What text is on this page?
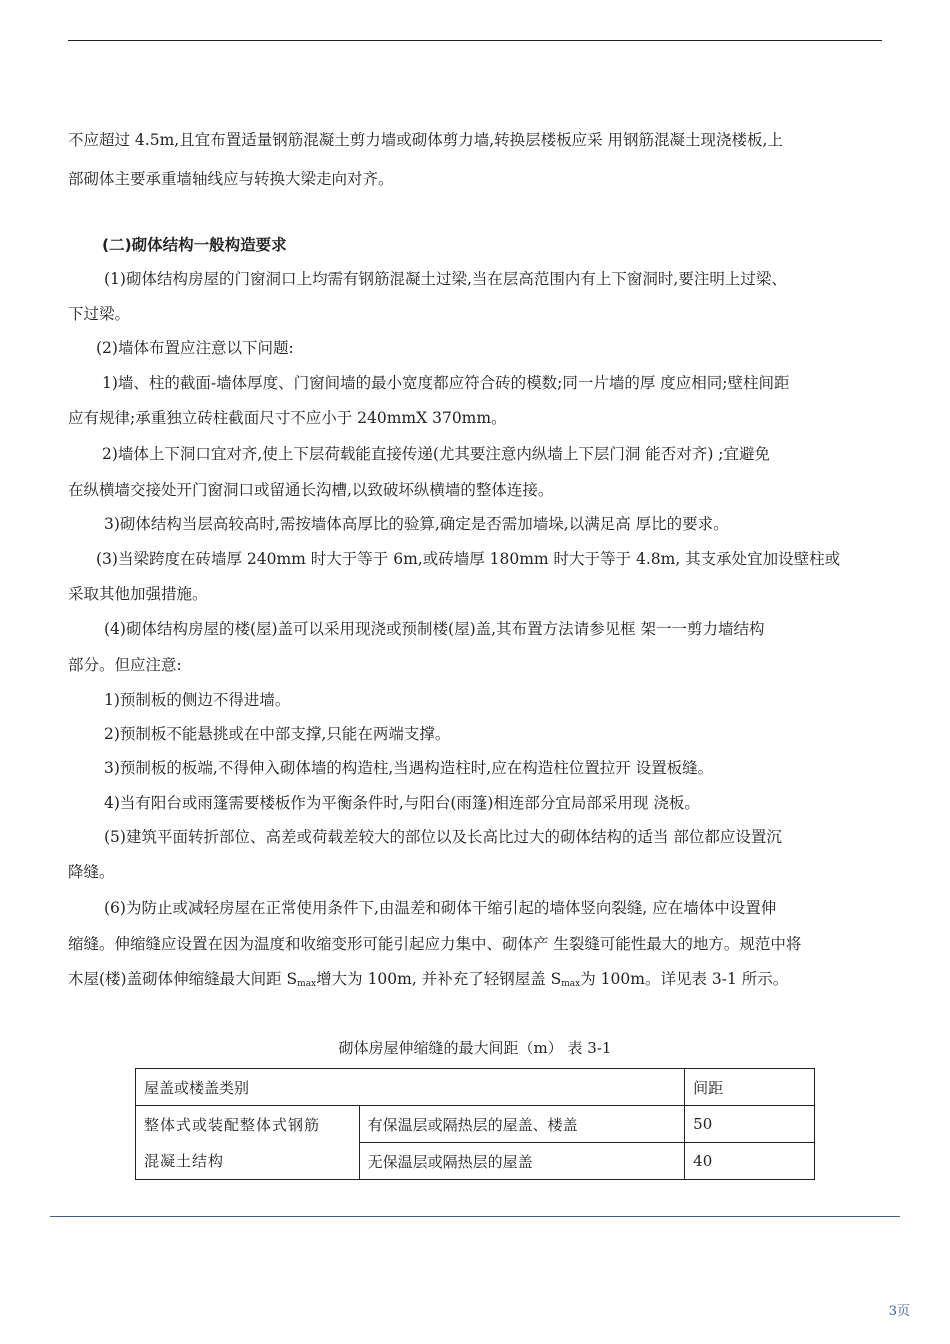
不应超过 4.5m,且宜布置适量钢筋混凝土剪力墙或砌体剪力墙,转换层楼板应采 用钢筋混凝土现浇楼板,上
部砌体主要承重墙轴线应与转换大梁走向对齐。
(二)砌体结构一般构造要求
(1)砌体结构房屋的门窗洞口上均需有钢筋混凝土过梁,当在层高范围内有上下窗洞时,要注明上过梁、
下过梁。
(2)墙体布置应注意以下问题:
1)墙、柱的截面-墙体厚度、门窗间墙的最小宽度都应符合砖的模数;同一片墙的厚 度应相同;壁柱间距
应有规律;承重独立砖柱截面尺寸不应小于 240mmX 370mm。
2)墙体上下洞口宜对齐,使上下层荷载能直接传递(尤其要注意内纵墙上下层门洞 能否对齐) ;宜避免
在纵横墙交接处开门窗洞口或留通长沟槽,以致破坏纵横墙的整体连接。
3)砌体结构当层高较高时,需按墙体高厚比的验算,确定是否需加墙垛,以满足高 厚比的要求。
(3)当梁跨度在砖墙厚 240mm 时大于等于 6m,或砖墙厚 180mm 时大于等于 4.8m, 其支承处宜加设壁柱或
采取其他加强措施。
(4)砌体结构房屋的楼(屋)盖可以采用现浇或预制楼(屋)盖,其布置方法请参见框 架一一剪力墙结构
部分。但应注意:
1)预制板的侧边不得进墙。
2)预制板不能悬挑或在中部支撑,只能在两端支撑。
3)预制板的板端,不得伸入砌体墙的构造柱,当遇构造柱时,应在构造柱位置拉开 设置板缝。
4)当有阳台或雨篷需要楼板作为平衡条件时,与阳台(雨篷)相连部分宜局部采用现 浇板。
(5)建筑平面转折部位、高差或荷载差较大的部位以及长高比过大的砌体结构的适当 部位都应设置沉
降缝。
(6)为防止或减轻房屋在正常使用条件下,由温差和砌体干缩引起的墙体竖向裂缝, 应在墙体中设置伸
缩缝。伸缩缝应设置在因为温度和收缩变形可能引起应力集中、砌体产 生裂缝可能性最大的地方。规范中将
木屋(楼)盖砌体伸缩缝最大间距 $S_{max}$增大为 100m, 并补充了轻钢屋盖 $S_{max}$为 100m。详见表 3-1 所示。
砌体房屋伸缩缝的最大间距（m） 表 3-1
屋盖或楼盖类别		间距

整体式或装配整体式钢筋
混凝土结构	有保温层或隔热层的屋盖、楼盖	50
	无保温层或隔热层的屋盖	40
3页
